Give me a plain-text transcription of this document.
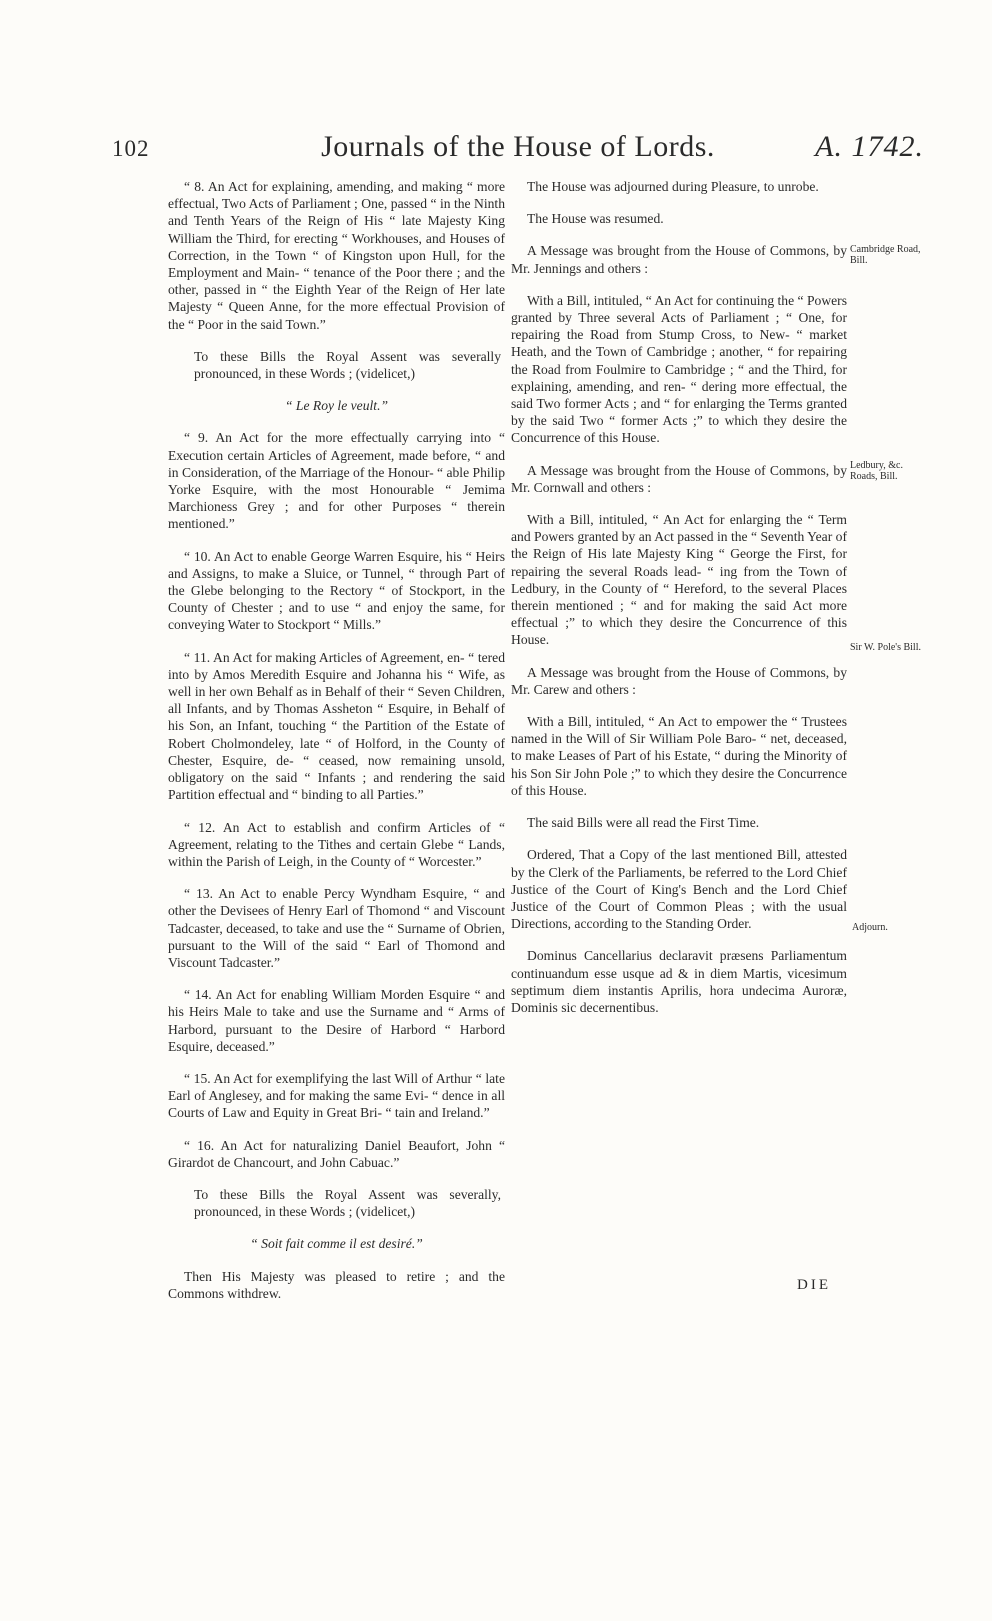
102	Journals of the House of Lords.	A. 1742.

“ 8. An Act for explaining, amending, and making “ more effectual, Two Acts of Parliament ; One, passed “ in the Ninth and Tenth Years of the Reign of His “ late Majesty King William the Third, for erecting “ Workhouses, and Houses of Correction, in the Town “ of Kingston upon Hull, for the Employment and Main- “ tenance of the Poor there ; and the other, passed in “ the Eighth Year of the Reign of Her late Majesty “ Queen Anne, for the more effectual Provision of the “ Poor in the said Town.”

To these Bills the Royal Assent was severally pronounced, in these Words ; (videlicet,)

“ Le Roy le veult.”

“ 9. An Act for the more effectually carrying into “ Execution certain Articles of Agreement, made before, “ and in Consideration, of the Marriage of the Honour- “ able Philip Yorke Esquire, with the most Honourable “ Jemima Marchioness Grey ; and for other Purposes “ therein mentioned.”

“ 10. An Act to enable George Warren Esquire, his “ Heirs and Assigns, to make a Sluice, or Tunnel, “ through Part of the Glebe belonging to the Rectory “ of Stockport, in the County of Chester ; and to use “ and enjoy the same, for conveying Water to Stockport “ Mills.”

“ 11. An Act for making Articles of Agreement, en- “ tered into by Amos Meredith Esquire and Johanna his “ Wife, as well in her own Behalf as in Behalf of their “ Seven Children, all Infants, and by Thomas Assheton “ Esquire, in Behalf of his Son, an Infant, touching “ the Partition of the Estate of Robert Cholmondeley, late “ of Holford, in the County of Chester, Esquire, de- “ ceased, now remaining unsold, obligatory on the said “ Infants ; and rendering the said Partition effectual and “ binding to all Parties.”

“ 12. An Act to establish and confirm Articles of “ Agreement, relating to the Tithes and certain Glebe “ Lands, within the Parish of Leigh, in the County of “ Worcester.”

“ 13. An Act to enable Percy Wyndham Esquire, “ and other the Devisees of Henry Earl of Thomond “ and Viscount Tadcaster, deceased, to take and use the “ Surname of Obrien, pursuant to the Will of the said “ Earl of Thomond and Viscount Tadcaster.”

“ 14. An Act for enabling William Morden Esquire “ and his Heirs Male to take and use the Surname and “ Arms of Harbord, pursuant to the Desire of Harbord “ Harbord Esquire, deceased.”

“ 15. An Act for exemplifying the last Will of Arthur “ late Earl of Anglesey, and for making the same Evi- “ dence in all Courts of Law and Equity in Great Bri- “ tain and Ireland.”

“ 16. An Act for naturalizing Daniel Beaufort, John “ Girardot de Chancourt, and John Cabuac.”

To these Bills the Royal Assent was severally, pronounced, in these Words ; (videlicet,)

“ Soit fait comme il est desiré.”

Then His Majesty was pleased to retire ; and the Commons withdrew.

The House was adjourned during Pleasure, to unrobe.

The House was resumed.

A Message was brought from the House of Commons, by Mr. Jennings and others :

With a Bill, intituled, “ An Act for continuing the “ Powers granted by Three several Acts of Parliament ; “ One, for repairing the Road from Stump Cross, to New- “ market Heath, and the Town of Cambridge ; another, “ for repairing the Road from Foulmire to Cambridge ; “ and the Third, for explaining, amending, and ren- “ dering more effectual, the said Two former Acts ; and “ for enlarging the Terms granted by the said Two “ former Acts ;” to which they desire the Concurrence of this House.

A Message was brought from the House of Commons, by Mr. Cornwall and others :

With a Bill, intituled, “ An Act for enlarging the “ Term and Powers granted by an Act passed in the “ Seventh Year of the Reign of His late Majesty King “ George the First, for repairing the several Roads lead- “ ing from the Town of Ledbury, in the County of “ Hereford, to the several Places therein mentioned ; “ and for making the said Act more effectual ;” to which they desire the Concurrence of this House.

A Message was brought from the House of Commons, by Mr. Carew and others :

With a Bill, intituled, “ An Act to empower the “ Trustees named in the Will of Sir William Pole Baro- “ net, deceased, to make Leases of Part of his Estate, “ during the Minority of his Son Sir John Pole ;” to which they desire the Concurrence of this House.

The said Bills were all read the First Time.

Ordered, That a Copy of the last mentioned Bill, attested by the Clerk of the Parliaments, be referred to the Lord Chief Justice of the Court of King's Bench and the Lord Chief Justice of the Court of Common Pleas ; with the usual Directions, according to the Standing Order.

Dominus Cancellarius declaravit præsens Parliamentum continuandum esse usque ad & in diem Martis, vicesimum septimum diem instantis Aprilis, hora undecima Auroræ, Dominis sic decernentibus.

Cambridge Road, Bill.
Ledbury, &c. Roads, Bill.
Sir W. Pole's Bill.
Adjourn.
DIE
